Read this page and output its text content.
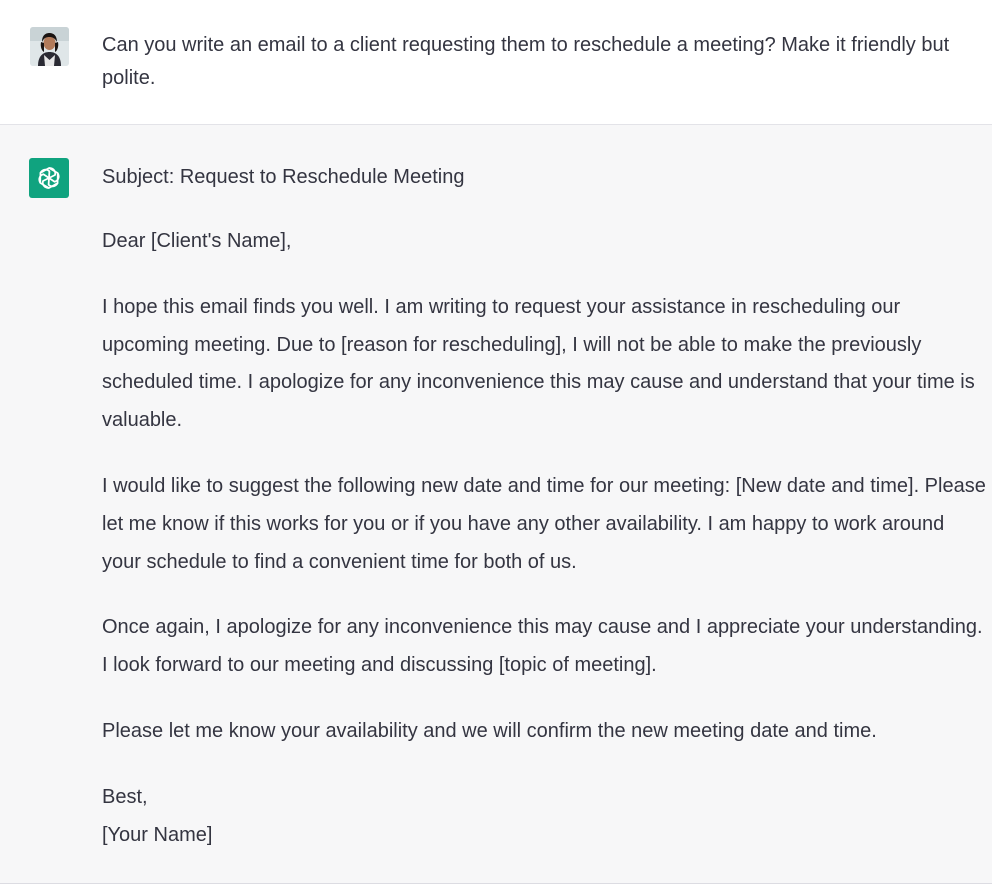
Can you write an email to a client requesting them to reschedule a meeting? Make it friendly but polite.

Subject: Request to Reschedule Meeting

Dear [Client's Name],

I hope this email finds you well. I am writing to request your assistance in rescheduling our upcoming meeting. Due to [reason for rescheduling], I will not be able to make the previously scheduled time. I apologize for any inconvenience this may cause and understand that your time is valuable.

I would like to suggest the following new date and time for our meeting: [New date and time]. Please let me know if this works for you or if you have any other availability. I am happy to work around your schedule to find a convenient time for both of us.

Once again, I apologize for any inconvenience this may cause and I appreciate your understanding. I look forward to our meeting and discussing [topic of meeting].

Please let me know your availability and we will confirm the new meeting date and time.

Best,
[Your Name]
